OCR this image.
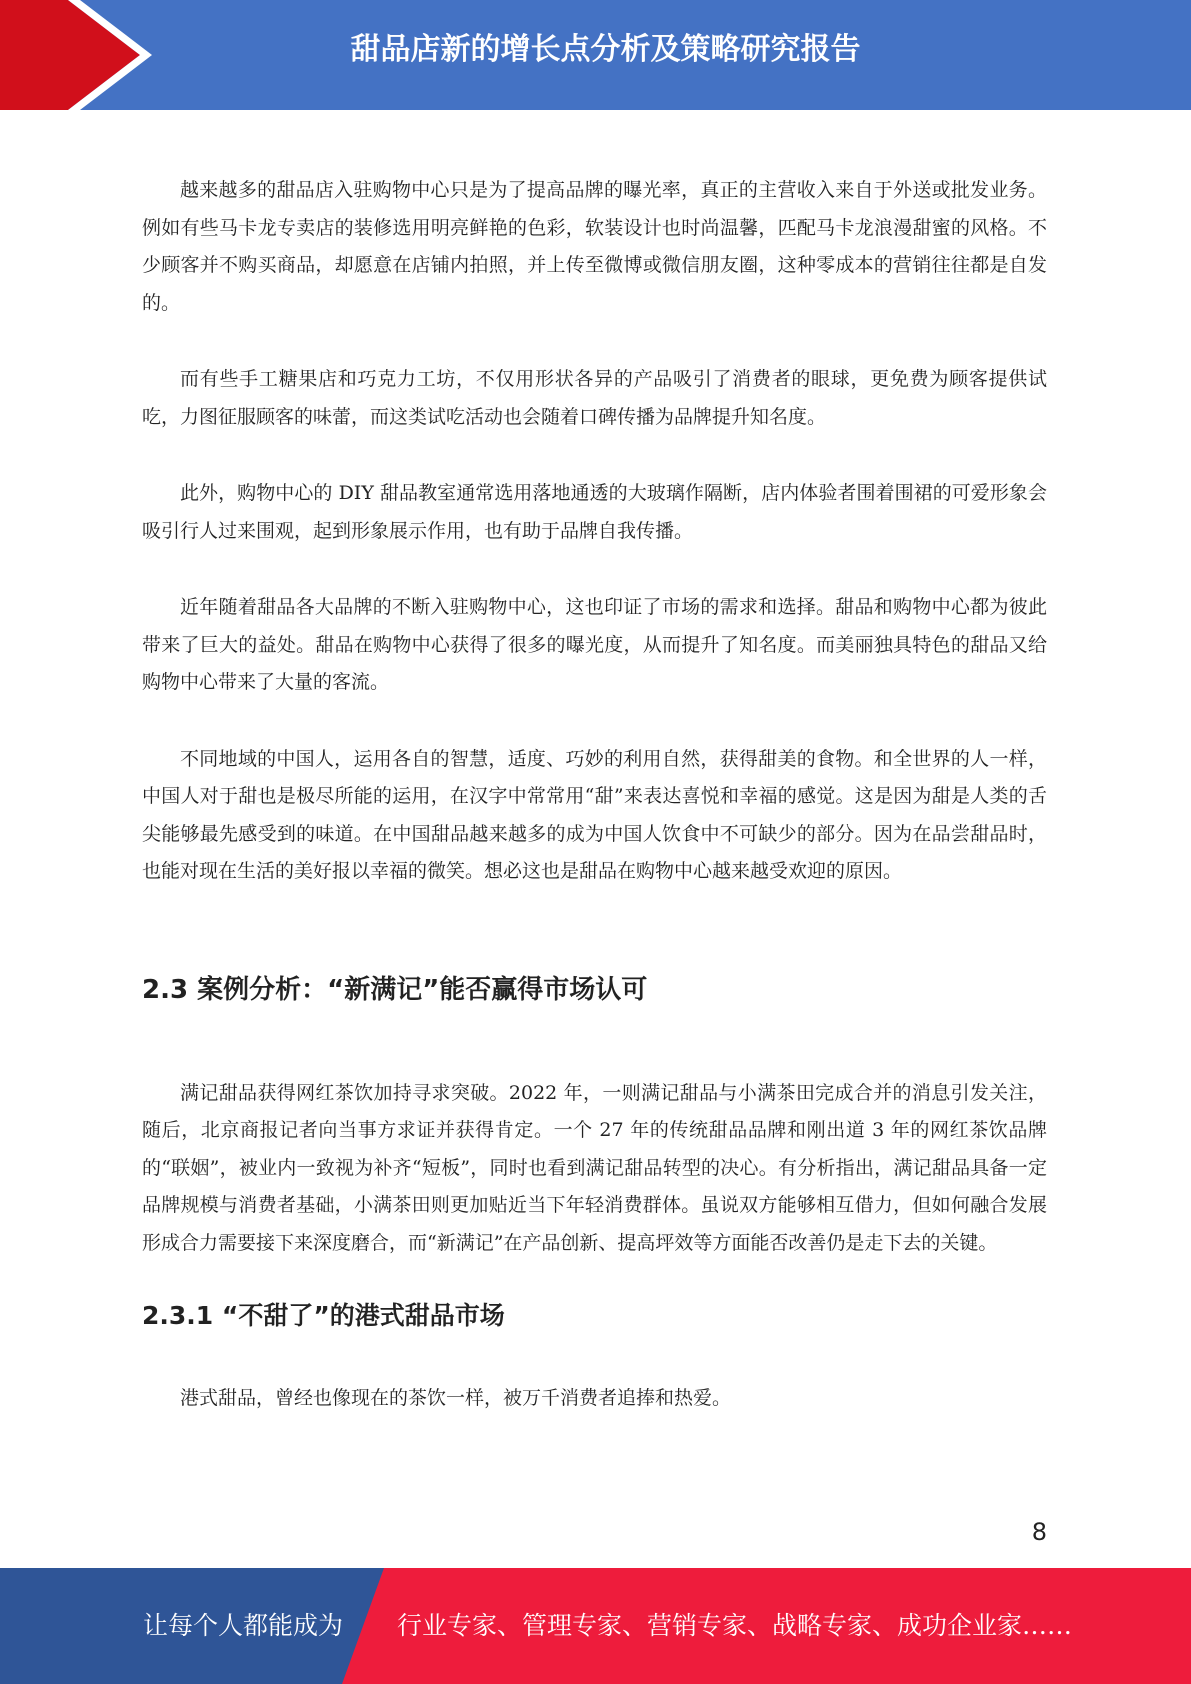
甜品店新的增长点分析及策略研究报告

越来越多的甜品店入驻购物中心只是为了提高品牌的曝光率，真正的主营收入来自于外送或批发业务。例如有些马卡龙专卖店的装修选用明亮鲜艳的色彩，软装设计也时尚温馨，匹配马卡龙浪漫甜蜜的风格。不少顾客并不购买商品，却愿意在店铺内拍照，并上传至微博或微信朋友圈，这种零成本的营销往往都是自发的。

而有些手工糖果店和巧克力工坊，不仅用形状各异的产品吸引了消费者的眼球，更免费为顾客提供试吃，力图征服顾客的味蕾，而这类试吃活动也会随着口碑传播为品牌提升知名度。

此外，购物中心的 DIY 甜品教室通常选用落地通透的大玻璃作隔断，店内体验者围着围裙的可爱形象会吸引行人过来围观，起到形象展示作用，也有助于品牌自我传播。

近年随着甜品各大品牌的不断入驻购物中心，这也印证了市场的需求和选择。甜品和购物中心都为彼此带来了巨大的益处。甜品在购物中心获得了很多的曝光度，从而提升了知名度。而美丽独具特色的甜品又给购物中心带来了大量的客流。

不同地域的中国人，运用各自的智慧，适度、巧妙的利用自然，获得甜美的食物。和全世界的人一样，中国人对于甜也是极尽所能的运用，在汉字中常常用“甜”来表达喜悦和幸福的感觉。这是因为甜是人类的舌尖能够最先感受到的味道。在中国甜品越来越多的成为中国人饮食中不可缺少的部分。因为在品尝甜品时，也能对现在生活的美好报以幸福的微笑。想必这也是甜品在购物中心越来越受欢迎的原因。

2.3 案例分析：“新满记”能否赢得市场认可

满记甜品获得网红茶饮加持寻求突破。2022 年，一则满记甜品与小满茶田完成合并的消息引发关注，随后，北京商报记者向当事方求证并获得肯定。一个 27 年的传统甜品品牌和刚出道 3 年的网红茶饮品牌的“联姻”，被业内一致视为补齐“短板”，同时也看到满记甜品转型的决心。有分析指出，满记甜品具备一定品牌规模与消费者基础，小满茶田则更加贴近当下年轻消费群体。虽说双方能够相互借力，但如何融合发展形成合力需要接下来深度磨合，而“新满记”在产品创新、提高坪效等方面能否改善仍是走下去的关键。

2.3.1 “不甜了”的港式甜品市场

港式甜品，曾经也像现在的茶饮一样，被万千消费者追捧和热爱。

8
让每个人都能成为 行业专家、管理专家、营销专家、战略专家、成功企业家……
